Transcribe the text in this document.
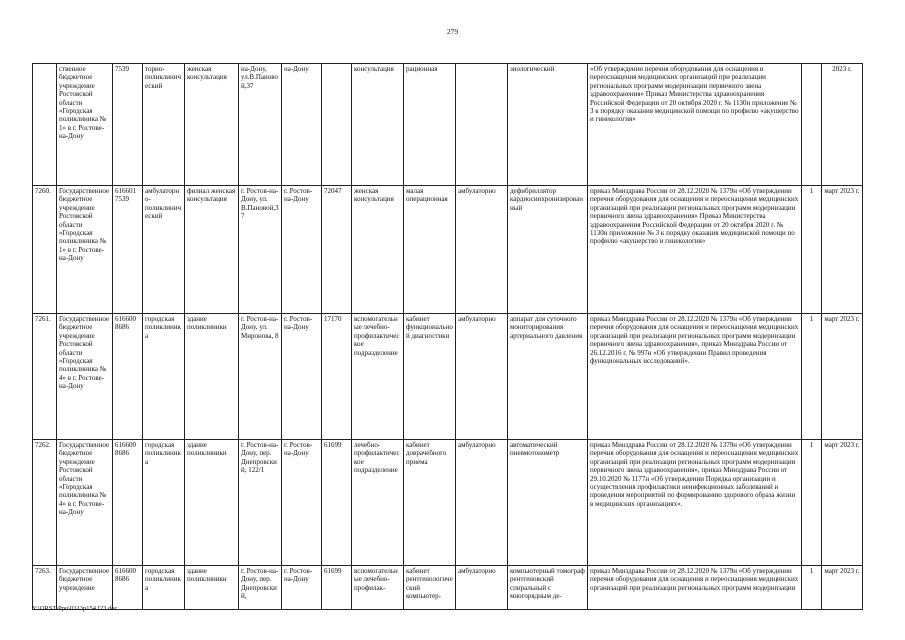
279
	ственное бюджетное учреждение Ростовской области «Городская поликлиника № 1» в г. Ростове-на-Дону	7539	торно-поликлинический	женская консультация	на-Дону, ул.В.Пановой,37	на-Дону		консультация	рационная		зиологический	«Об утверждении перечня оборудования для оснащения и переоснащения медицинских организаций при реализации региональных программ модернизации первичного звена здравоохранения» Приказ Министерства здравоохранения Российской Федерации от 20 октября 2020 г. № 1130н приложение № 3 к порядку оказания медицинской помощи по профилю «акушерство и гинекология»		2023 г.
7260.	Государственное бюджетное учреждение Ростовской области «Городская поликлиника № 1» в г. Ростове-на-Дону	616601 7539	амбулаторно-поликлинический	филиал женская консультация	г. Ростов-на-Дону, ул. В.Пановой,37	г. Ростов-на-Дону	72047	женская консультация	малая операционная	амбулаторно	дефибриллятор кардиосинхронизированный	приказ Минздрава России от 28.12.2020 № 1379н «Об утверждении перечня оборудования для оснащения и переоснащения медицинских организаций при реализации региональных программ модернизации первичного звена здравоохранения» Приказ Министерства здравоохранения Российской Федерации от 20 октября 2020 г. № 1130н приложение № 3 к порядку оказания медицинской помощи по профилю «акушерство и гинекология»	1	март 2023 г.
7261.	Государственное бюджетное учреждение Ростовской области «Городская поликлиника № 4» в г. Ростове-на-Дону	616600 8686	городская поликлиника	здание поликлиники	г. Ростов-на-Дону, ул. Миронова, 8	г. Ростов-на-Дону	17170	вспомогательные лечебно-профилактическое подразделение	кабинет функциональной диагностики	амбулаторно	аппарат для суточного мониторирования артериального давления	приказ Минздрава России от 28.12.2020 № 1379н «Об утверждении перечня оборудования для оснащения и переоснащения медицинских организаций при реализации региональных программ модернизации первичного звена здравоохранения», приказ Минздрава России от 26.12.2016 г. № 997н «Об утверждении Правил проведения функциональных исследований».	1	март 2023 г.
7262.	Государственное бюджетное учреждение Ростовской области «Городская поликлиника № 4» в г. Ростове-на-Дону	616600 8686	городская поликлиника	здание поликлиники	г. Ростов-на-Дону, пер. Днепровский, 122/1	г. Ростов-на-Дону	61699	лечебно-профилактическое подразделение	кабинет доврачебного приема	амбулаторно	автоматический пневмотонометр	приказ Минздрава России от 28.12.2020 № 1379н «Об утверждении перечня оборудования для оснащения и переоснащения медицинских организаций при реализации региональных программ модернизации первичного звена здравоохранения», приказ Минздрава России от 29.10.2020 № 1177н «Об утверждении Порядка организации и осуществления профилактики неинфекционных заболеваний и проведения мероприятий по формированию здорового образа жизни в медицинских организациях».	1	март 2023 г.
7263.	Государственное бюджетное учреждение	616600 8686	городская поликлиника	здание поликлиники	г. Ростов-на-Дону, пер. Днепровский,	г. Ростов-на-Дону	61699	вспомогательные лечебно-профилак-	кабинет рентгенологический компьютер-	амбулаторно	компьютерный томограф рентгеновский спиральный с многорядным де-	приказ Минздрава России от 28.12.2020 № 1379н «Об утверждении перечня оборудования для оснащения и переоснащения медицинских организаций при реализации региональных программ модернизации	1	март 2023 г.
Y:\ORST\Ppo\0313p154.f23.doc
